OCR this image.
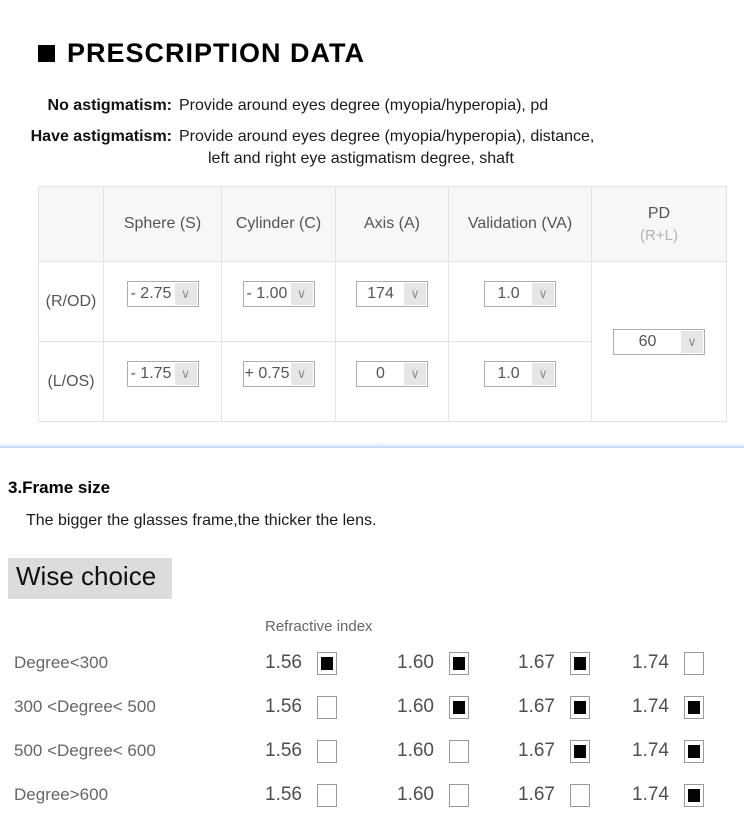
PRESCRIPTION DATA
No astigmatism: Provide around eyes degree (myopia/hyperopia), pd
Have astigmatism: Provide around eyes degree (myopia/hyperopia), distance,
left and right eye astigmatism degree, shaft
	Sphere (S)	Cylinder (C)	Axis (A)	Validation (VA)	PD
(R+L)

(R/OD)	- 2.75 ∨	- 1.00 ∨	174 ∨	1.0 ∨	60 ∨

(L/OS)	- 1.75 ∨	+ 0.75 ∨	0 ∨	1.0 ∨	
3.Frame size
The bigger the glasses frame,the thicker the lens.
Wise choice
Refractive index
Degree<300	1.56	1.60	1.67	1.74
300 <Degree< 500	1.56	1.60	1.67	1.74
500 <Degree< 600	1.56	1.60	1.67	1.74
Degree>600	1.56	1.60	1.67	1.74
